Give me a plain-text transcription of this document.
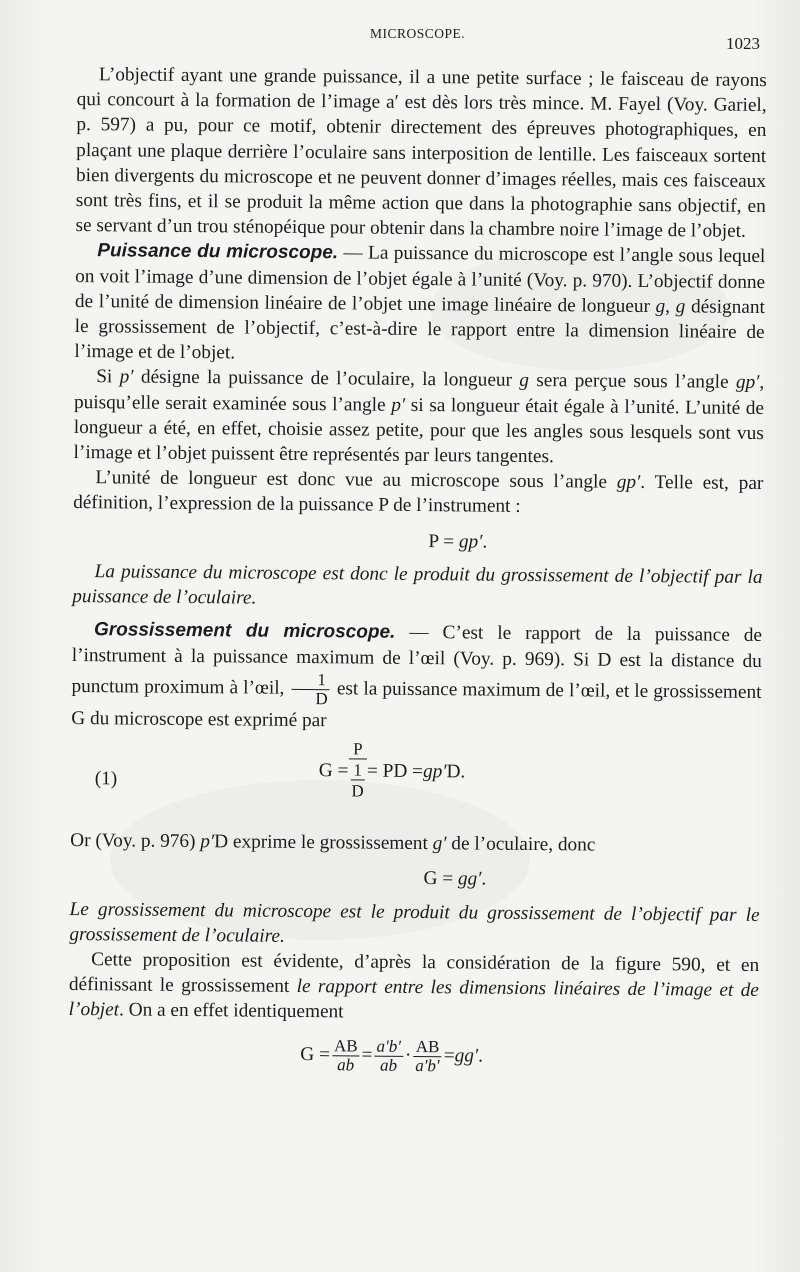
MICROSCOPE.
1023

L’objectif ayant une grande puissance, il a une petite surface ; le faisceau de rayons qui concourt à la formation de l’image a′ est dès lors très mince. M. Fayel (Voy. Gariel, p. 597) a pu, pour ce motif, obtenir directement des épreuves photographiques, en plaçant une plaque derrière l’oculaire sans interposition de lentille. Les faisceaux sortent bien divergents du microscope et ne peuvent donner d’images réelles, mais ces faisceaux sont très fins, et il se produit la même action que dans la photographie sans objectif, en se servant d’un trou sténopéique pour obtenir dans la chambre noire l’image de l’objet.

Puissance du microscope. — La puissance du microscope est l’angle sous lequel on voit l’image d’une dimension de l’objet égale à l’unité (Voy. p. 970). L’objectif donne de l’unité de dimension linéaire de l’objet une image linéaire de longueur g, g désignant le grossissement de l’objectif, c’est-à-dire le rapport entre la dimension linéaire de l’image et de l’objet.

Si p′ désigne la puissance de l’oculaire, la longueur g sera perçue sous l’angle gp′, puisqu’elle serait examinée sous l’angle p′ si sa longueur était égale à l’unité. L’unité de longueur a été, en effet, choisie assez petite, pour que les angles sous lesquels sont vus l’image et l’objet puissent être représentés par leurs tangentes.

L’unité de longueur est donc vue au microscope sous l’angle gp′. Telle est, par définition, l’expression de la puissance P de l’instrument :

P = gp′.

La puissance du microscope est donc le produit du grossissement de l’objectif par la puissance de l’oculaire.

Grossissement du microscope. — C’est le rapport de la puissance de l’instrument à la puissance maximum de l’œil (Voy. p. 969). Si D est la distance du punctum proximum à l’œil, $\frac{1}{D}$ est la puissance maximum de l’œil, et le grossissement G du microscope est exprimé par

(1)	$G = \frac{P}{\frac{1}{D}}$ = PD =gp′D.

Or (Voy. p. 976) p′D exprime le grossissement g′ de l’oculaire, donc

G = gg′.

Le grossissement du microscope est le produit du grossissement de l’objectif par le grossissement de l’oculaire.

Cette proposition est évidente, d’après la considération de la figure 590, et en définissant le grossissement le rapport entre les dimensions linéaires de l’image et de l’objet. On a en effet identiquement

$G = \frac{AB}{ab} = \frac{a'b'}{ab} \cdot \frac{AB}{a'b'} =gg'$.
